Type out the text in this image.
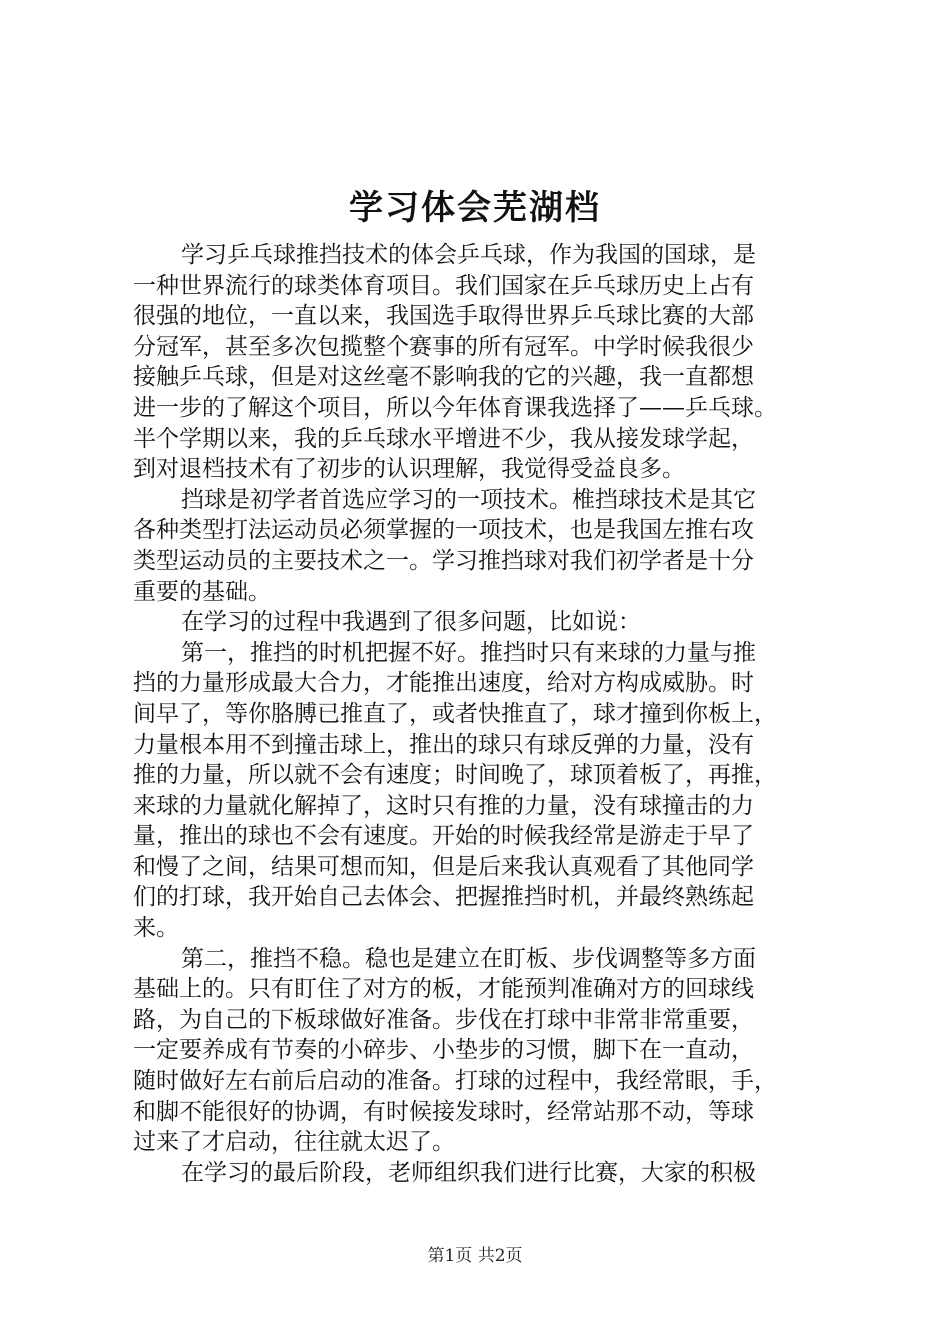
学习体会芜湖档
学习乒乓球推挡技术的体会乒乓球，作为我国的国球，是
一种世界流行的球类体育项目。我们国家在乒乓球历史上占有
很强的地位，一直以来，我国选手取得世界乒乓球比赛的大部
分冠军，甚至多次包揽整个赛事的所有冠军。中学时候我很少
接触乒乓球，但是对这丝毫不影响我的它的兴趣，我一直都想
进一步的了解这个项目，所以今年体育课我选择了——乒乓球。
半个学期以来，我的乒乓球水平增进不少，我从接发球学起，
到对退档技术有了初步的认识理解，我觉得受益良多。
挡球是初学者首选应学习的一项技术。椎挡球技术是其它
各种类型打法运动员必须掌握的一项技术，也是我国左推右攻
类型运动员的主要技术之一。学习推挡球对我们初学者是十分
重要的基础。
在学习的过程中我遇到了很多问题，比如说：
第一，推挡的时机把握不好。推挡时只有来球的力量与推
挡的力量形成最大合力，才能推出速度，给对方构成威胁。时
间早了，等你胳膊已推直了，或者快推直了，球才撞到你板上，
力量根本用不到撞击球上，推出的球只有球反弹的力量，没有
推的力量，所以就不会有速度；时间晚了，球顶着板了，再推，
来球的力量就化解掉了，这时只有推的力量，没有球撞击的力
量，推出的球也不会有速度。开始的时候我经常是游走于早了
和慢了之间，结果可想而知，但是后来我认真观看了其他同学
们的打球，我开始自己去体会、把握推挡时机，并最终熟练起
来。
第二，推挡不稳。稳也是建立在盯板、步伐调整等多方面
基础上的。只有盯住了对方的板，才能预判准确对方的回球线
路，为自己的下板球做好准备。步伐在打球中非常非常重要，
一定要养成有节奏的小碎步、小垫步的习惯，脚下在一直动，
随时做好左右前后启动的准备。打球的过程中，我经常眼，手，
和脚不能很好的协调，有时候接发球时，经常站那不动，等球
过来了才启动，往往就太迟了。
在学习的最后阶段，老师组织我们进行比赛，大家的积极
第1页 共2页
